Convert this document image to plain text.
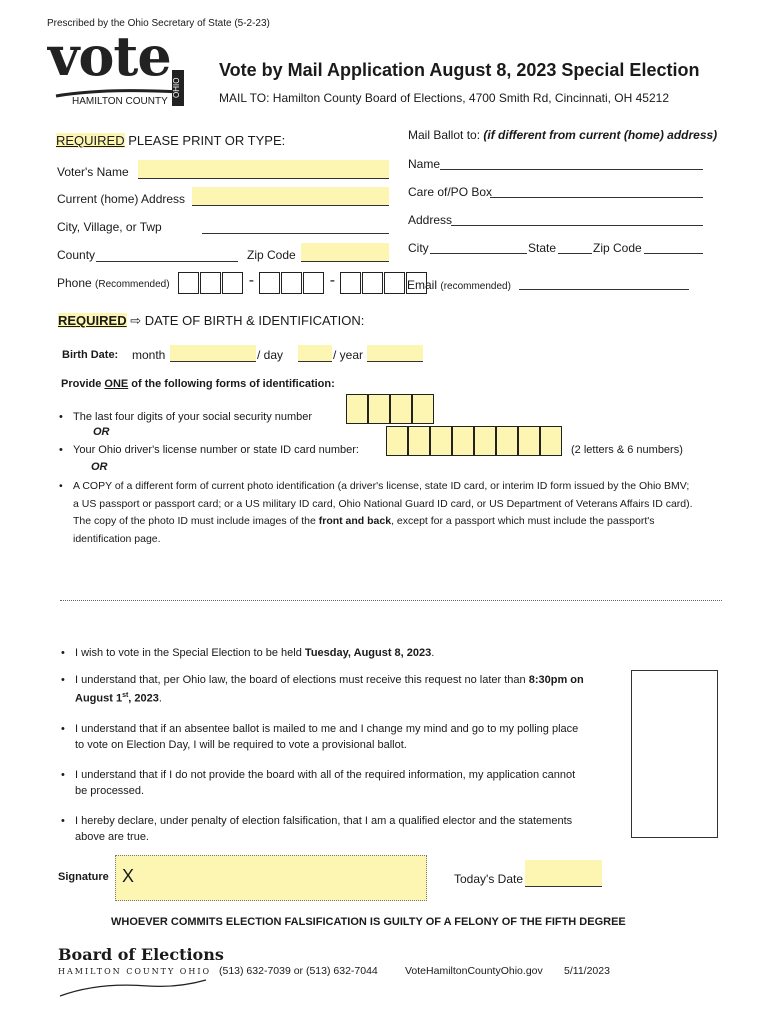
Prescribed by the Ohio Secretary of State (5-2-23)
vote
HAMILTON COUNTY
OHIO
Vote by Mail Application August 8, 2023 Special Election
MAIL TO: Hamilton County Board of Elections, 4700 Smith Rd, Cincinnati, OH 45212
REQUIRED PLEASE PRINT OR TYPE:
Voter's Name
Current (home) Address
City, Village, or Twp
County	Zip Code
Phone (Recommended)	-	-
Mail Ballot to: (if different from current (home) address)
Name
Care of/PO Box
Address
City	State	Zip Code
Email (recommended)
REQUIRED ⇨ DATE OF BIRTH & IDENTIFICATION:
Birth Date: month	/ day	/ year
Provide ONE of the following forms of identification:
• The last four digits of your social security number
OR
• Your Ohio driver's license number or state ID card number:	(2 letters & 6 numbers)
OR
• A COPY of a different form of current photo identification (a driver's license, state ID card, or interim ID form issued by the Ohio BMV; a US passport or passport card; or a US military ID card, Ohio National Guard ID card, or US Department of Veterans Affairs ID card). The copy of the photo ID must include images of the front and back, except for a passport which must include the passport's identification page.
• I wish to vote in the Special Election to be held Tuesday, August 8, 2023.
• I understand that, per Ohio law, the board of elections must receive this request no later than 8:30pm on August 1st, 2023.
• I understand that if an absentee ballot is mailed to me and I change my mind and go to my polling place to vote on Election Day, I will be required to vote a provisional ballot.
• I understand that if I do not provide the board with all of the required information, my application cannot be processed.
• I hereby declare, under penalty of election falsification, that I am a qualified elector and the statements above are true.
Signature X	Today's Date
WHOEVER COMMITS ELECTION FALSIFICATION IS GUILTY OF A FELONY OF THE FIFTH DEGREE
Board of Elections
HAMILTON COUNTY OHIO (513) 632-7039 or (513) 632-7044	VoteHamiltonCountyOhio.gov 5/11/2023
